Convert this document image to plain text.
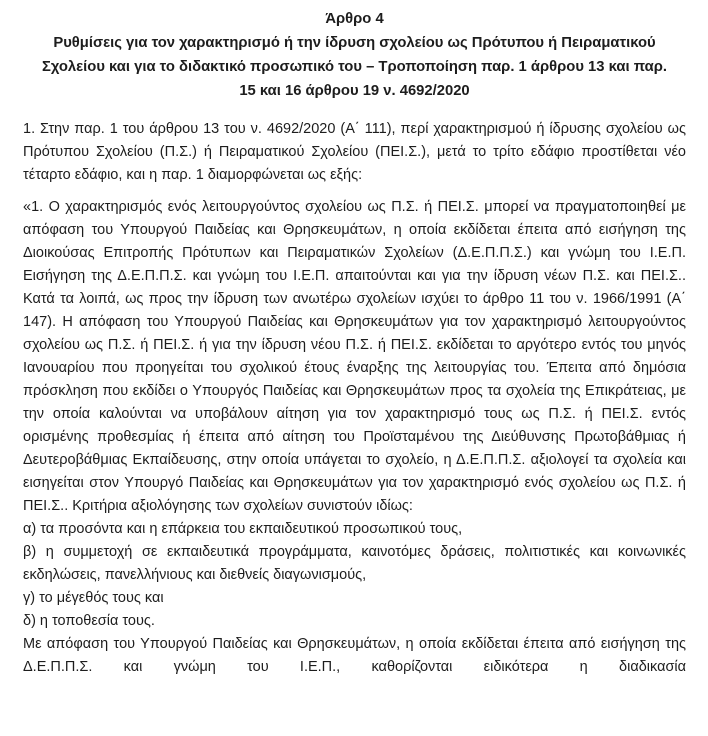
Άρθρο 4
Ρυθμίσεις για τον χαρακτηρισμό ή την ίδρυση σχολείου ως Πρότυπου ή Πειραματικού
Σχολείου και για το διδακτικό προσωπικό του – Τροποποίηση παρ. 1 άρθρου 13 και παρ.
15 και 16 άρθρου 19 ν. 4692/2020

1. Στην παρ. 1 του άρθρου 13 του ν. 4692/2020 (Α΄ 111), περί χαρακτηρισμού ή ίδρυσης σχολείου ως Πρότυπου Σχολείου (Π.Σ.) ή Πειραματικού Σχολείου (ΠΕΙ.Σ.), μετά το τρίτο εδάφιο προστίθεται νέο τέταρτο εδάφιο, και η παρ. 1 διαμορφώνεται ως εξής:

«1. Ο χαρακτηρισμός ενός λειτουργούντος σχολείου ως Π.Σ. ή ΠΕΙ.Σ. μπορεί να πραγματοποιηθεί με απόφαση του Υπουργού Παιδείας και Θρησκευμάτων, η οποία εκδίδεται έπειτα από εισήγηση της Διοικούσας Επιτροπής Πρότυπων και Πειραματικών Σχολείων (Δ.Ε.Π.Π.Σ.) και γνώμη του Ι.Ε.Π. Εισήγηση της Δ.Ε.Π.Π.Σ. και γνώμη του Ι.Ε.Π. απαιτούνται και για την ίδρυση νέων Π.Σ. και ΠΕΙ.Σ.. Κατά τα λοιπά, ως προς την ίδρυση των ανωτέρω σχολείων ισχύει το άρθρο 11 του ν. 1966/1991 (Α΄ 147). Η απόφαση του Υπουργού Παιδείας και Θρησκευμάτων για τον χαρακτηρισμό λειτουργούντος σχολείου ως Π.Σ. ή ΠΕΙ.Σ. ή για την ίδρυση νέου Π.Σ. ή ΠΕΙ.Σ. εκδίδεται το αργότερο εντός του μηνός Ιανουαρίου που προηγείται του σχολικού έτους έναρξης της λειτουργίας του. Έπειτα από δημόσια πρόσκληση που εκδίδει ο Υπουργός Παιδείας και Θρησκευμάτων προς τα σχολεία της Επικράτειας, με την οποία καλούνται να υποβάλουν αίτηση για τον χαρακτηρισμό τους ως Π.Σ. ή ΠΕΙ.Σ. εντός ορισμένης προθεσμίας ή έπειτα από αίτηση του Προϊσταμένου της Διεύθυνσης Πρωτοβάθμιας ή Δευτεροβάθμιας Εκπαίδευσης, στην οποία υπάγεται το σχολείο, η Δ.Ε.Π.Π.Σ. αξιολογεί τα σχολεία και εισηγείται στον Υπουργό Παιδείας και Θρησκευμάτων για τον χαρακτηρισμό ενός σχολείου ως Π.Σ. ή ΠΕΙ.Σ.. Κριτήρια αξιολόγησης των σχολείων συνιστούν ιδίως:

α) τα προσόντα και η επάρκεια του εκπαιδευτικού προσωπικού τους,

β) η συμμετοχή σε εκπαιδευτικά προγράμματα, καινοτόμες δράσεις, πολιτιστικές και κοινωνικές εκδηλώσεις, πανελλήνιους και διεθνείς διαγωνισμούς,

γ) το μέγεθός τους και

δ) η τοποθεσία τους.

Με απόφαση του Υπουργού Παιδείας και Θρησκευμάτων, η οποία εκδίδεται έπειτα από εισήγηση της Δ.Ε.Π.Π.Σ. και γνώμη του Ι.Ε.Π., καθορίζονται ειδικότερα η διαδικασία
